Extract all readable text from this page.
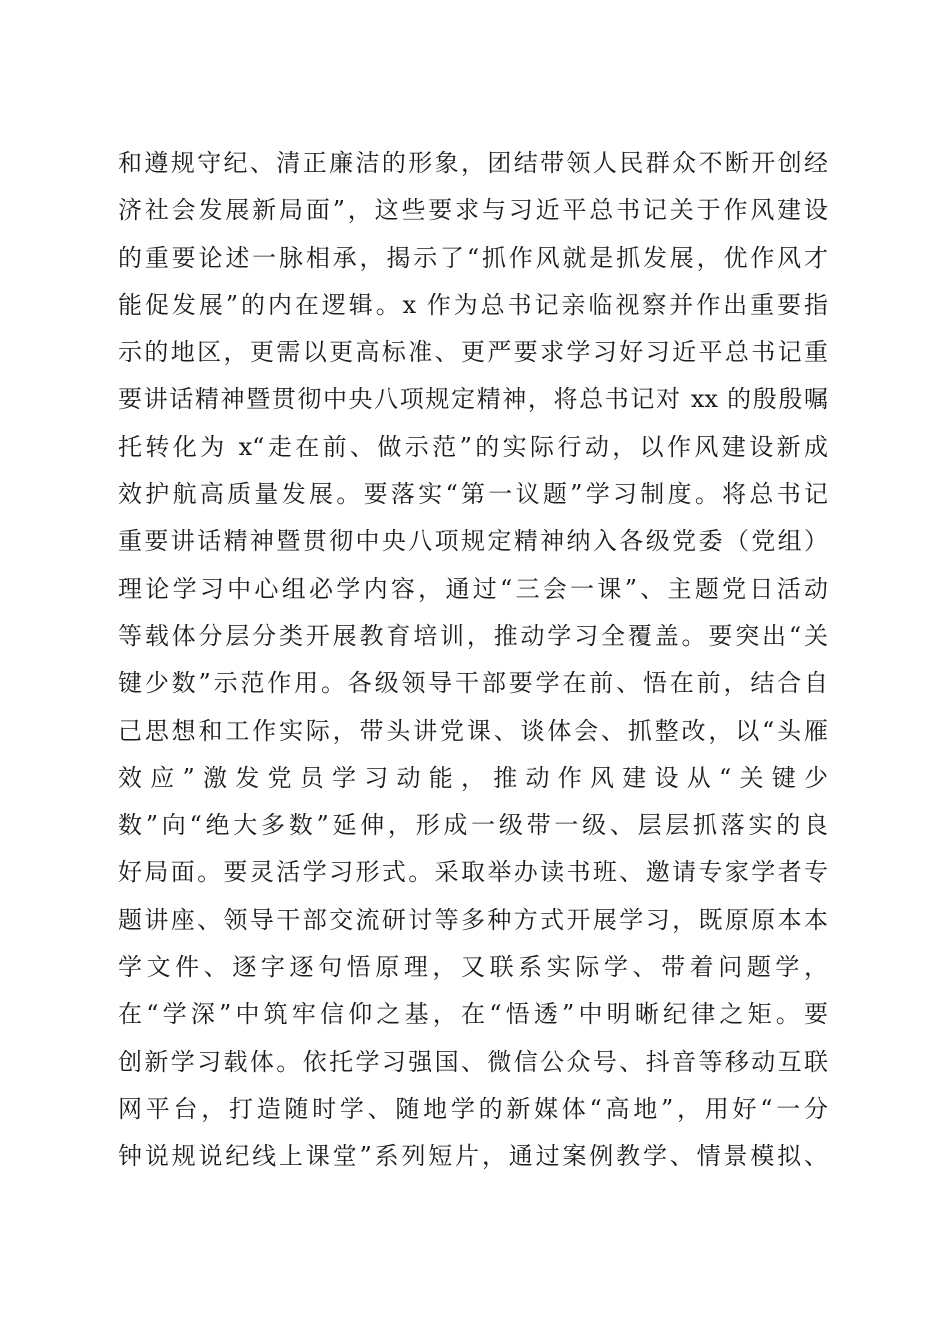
和遵规守纪、清正廉洁的形象，团结带领人民群众不断开创经
济社会发展新局面”，这些要求与习近平总书记关于作风建设
的重要论述一脉相承，揭示了“抓作风就是抓发展，优作风才
能促发展”的内在逻辑。x 作为总书记亲临视察并作出重要指
示的地区，更需以更高标准、更严要求学习好习近平总书记重
要讲话精神暨贯彻中央八项规定精神，将总书记对 xx 的殷殷嘱
托转化为 x“走在前、做示范”的实际行动，以作风建设新成
效护航高质量发展。要落实“第一议题”学习制度。将总书记
重要讲话精神暨贯彻中央八项规定精神纳入各级党委（党组）
理论学习中心组必学内容，通过“三会一课”、主题党日活动
等载体分层分类开展教育培训，推动学习全覆盖。要突出“关
键少数”示范作用。各级领导干部要学在前、悟在前，结合自
己思想和工作实际，带头讲党课、谈体会、抓整改，以“头雁
效应”激发党员学习动能，推动作风建设从“关键少
数”向“绝大多数”延伸，形成一级带一级、层层抓落实的良
好局面。要灵活学习形式。采取举办读书班、邀请专家学者专
题讲座、领导干部交流研讨等多种方式开展学习，既原原本本
学文件、逐字逐句悟原理，又联系实际学、带着问题学，
在“学深”中筑牢信仰之基，在“悟透”中明晰纪律之矩。要
创新学习载体。依托学习强国、微信公众号、抖音等移动互联
网平台，打造随时学、随地学的新媒体“高地”，用好“一分
钟说规说纪线上课堂”系列短片，通过案例教学、情景模拟、
